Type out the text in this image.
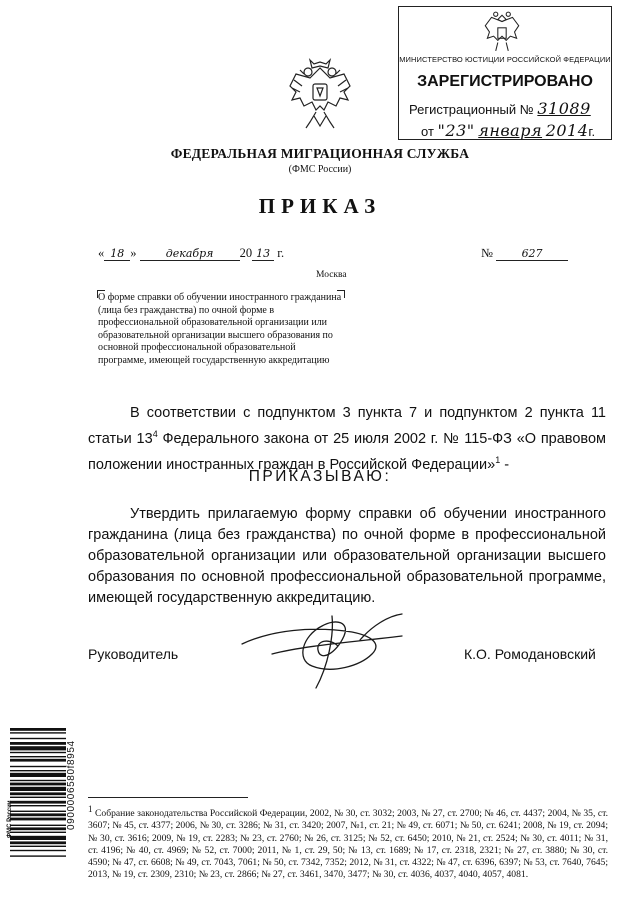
МИНИСТЕРСТВО ЮСТИЦИИ РОССИЙСКОЙ ФЕДЕРАЦИИ
ЗАРЕГИСТРИРОВАНО
Регистрационный № 31089
от "23" января 2014г.
ФЕДЕРАЛЬНАЯ МИГРАЦИОННАЯ СЛУЖБА
(ФМС России)
ПРИКАЗ
« 18 »	декабря 20 13 г.	№	627
Москва
О форме справки об обучении иностранного гражданина (лица без гражданства) по очной форме в профессиональной образовательной организации или образовательной организации высшего образования по основной профессиональной образовательной программе, имеющей государственную аккредитацию
В соответствии с подпунктом 3 пункта 7 и подпунктом 2 пункта 11 статьи $13^4$ Федерального закона от 25 июля 2002 г. № 115-ФЗ «О правовом положении иностранных граждан в Российской Федерации»$^1$ -
ПРИКАЗЫВАЮ:
Утвердить прилагаемую форму справки об обучении иностранного гражданина (лица без гражданства) по очной форме в профессиональной образовательной организации или образовательной организации высшего образования по основной профессиональной образовательной программе, имеющей государственную аккредитацию.
Руководитель	К.О. Ромодановский
ФМС России	0900006580f8954 $^1$ Собрание законодательства Российской Федерации, 2002, № 30, ст. 3032; 2003, № 27, ст. 2700; № 46, ст. 4437; 2004, № 35, ст. 3607; № 45, ст. 4377; 2006, № 30, ст. 3286; № 31, ст. 3420; 2007, №1, ст. 21; № 49, ст. 6071; № 50, ст. 6241; 2008, № 19, ст. 2094; № 30, ст. 3616; 2009, № 19, ст. 2283; № 23, ст. 2760; № 26, ст. 3125; № 52, ст. 6450; 2010, № 21, ст. 2524; № 30, ст. 4011; № 31, ст. 4196; № 40, ст. 4969; № 52, ст. 7000; 2011, № 1, ст. 29, 50; № 13, ст. 1689; № 17, ст. 2318, 2321; № 27, ст. 3880; № 30, ст. 4590; № 47, ст. 6608; № 49, ст. 7043, 7061; № 50, ст. 7342, 7352; 2012, № 31, ст. 4322; № 47, ст. 6396, 6397; № 53, ст. 7640, 7645; 2013, № 19, ст. 2309, 2310; № 23, ст. 2866; № 27, ст. 3461, 3470, 3477; № 30, ст. 4036, 4037, 4040, 4057, 4081.
